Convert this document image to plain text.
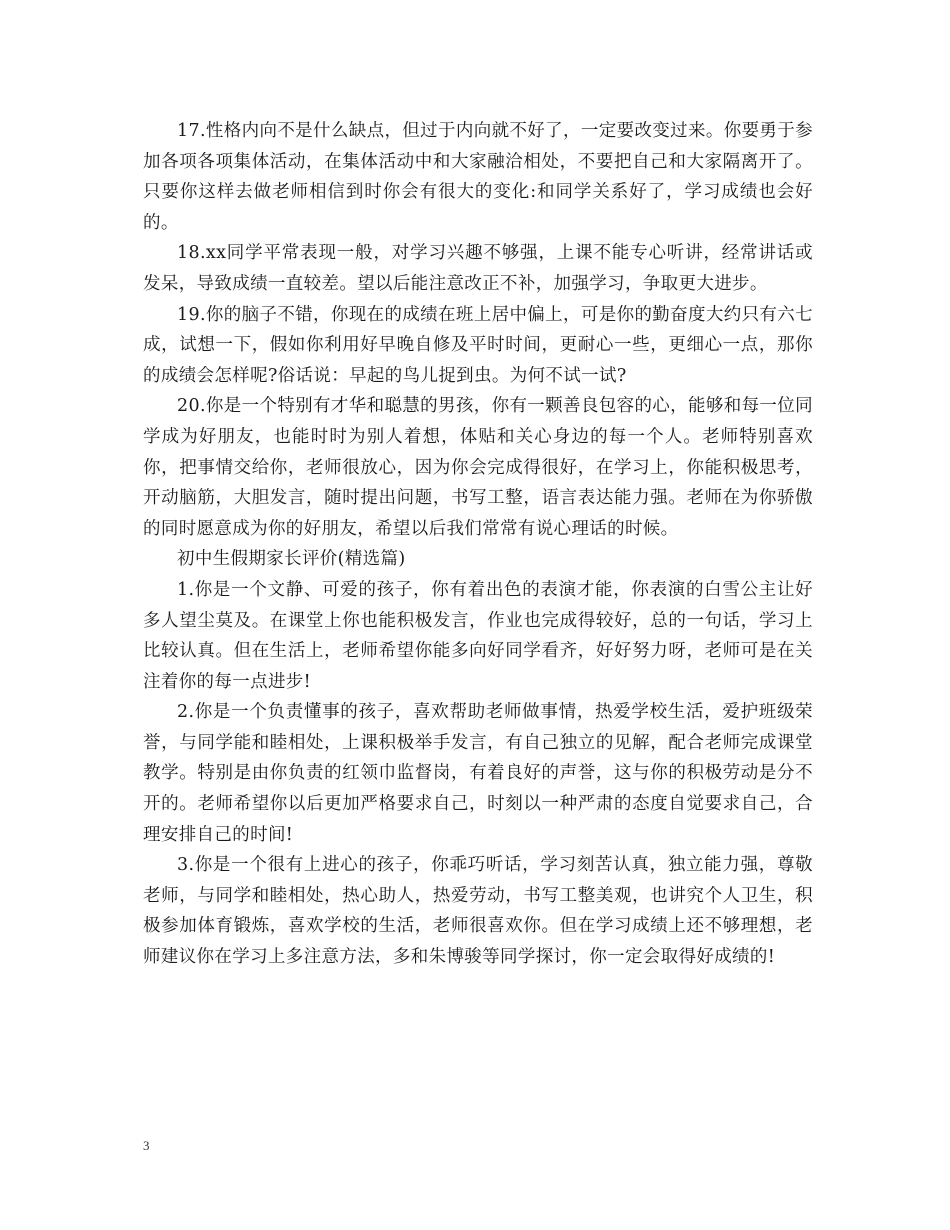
17.性格内向不是什么缺点，但过于内向就不好了，一定要改变过来。你要勇于参加各项各项集体活动，在集体活动中和大家融洽相处，不要把自己和大家隔离开了。只要你这样去做老师相信到时你会有很大的变化:和同学关系好了，学习成绩也会好的。

18.xx同学平常表现一般，对学习兴趣不够强，上课不能专心听讲，经常讲话或发呆，导致成绩一直较差。望以后能注意改正不补，加强学习，争取更大进步。

19.你的脑子不错，你现在的成绩在班上居中偏上，可是你的勤奋度大约只有六七成，试想一下，假如你利用好早晚自修及平时时间，更耐心一些，更细心一点，那你的成绩会怎样呢?俗话说：早起的鸟儿捉到虫。为何不试一试?

20.你是一个特别有才华和聪慧的男孩，你有一颗善良包容的心，能够和每一位同学成为好朋友，也能时时为别人着想，体贴和关心身边的每一个人。老师特别喜欢你，把事情交给你，老师很放心，因为你会完成得很好，在学习上，你能积极思考，开动脑筋，大胆发言，随时提出问题，书写工整，语言表达能力强。老师在为你骄傲的同时愿意成为你的好朋友，希望以后我们常常有说心理话的时候。

初中生假期家长评价(精选篇)

1.你是一个文静、可爱的孩子，你有着出色的表演才能，你表演的白雪公主让好多人望尘莫及。在课堂上你也能积极发言，作业也完成得较好，总的一句话，学习上比较认真。但在生活上，老师希望你能多向好同学看齐，好好努力呀，老师可是在关注着你的每一点进步!

2.你是一个负责懂事的孩子，喜欢帮助老师做事情，热爱学校生活，爱护班级荣誉，与同学能和睦相处，上课积极举手发言，有自己独立的见解，配合老师完成课堂教学。特别是由你负责的红领巾监督岗，有着良好的声誉，这与你的积极劳动是分不开的。老师希望你以后更加严格要求自己，时刻以一种严肃的态度自觉要求自己，合理安排自己的时间!

3.你是一个很有上进心的孩子，你乖巧听话，学习刻苦认真，独立能力强，尊敬老师，与同学和睦相处，热心助人，热爱劳动，书写工整美观，也讲究个人卫生，积极参加体育锻炼，喜欢学校的生活，老师很喜欢你。但在学习成绩上还不够理想，老师建议你在学习上多注意方法，多和朱博骏等同学探讨，你一定会取得好成绩的!

3
